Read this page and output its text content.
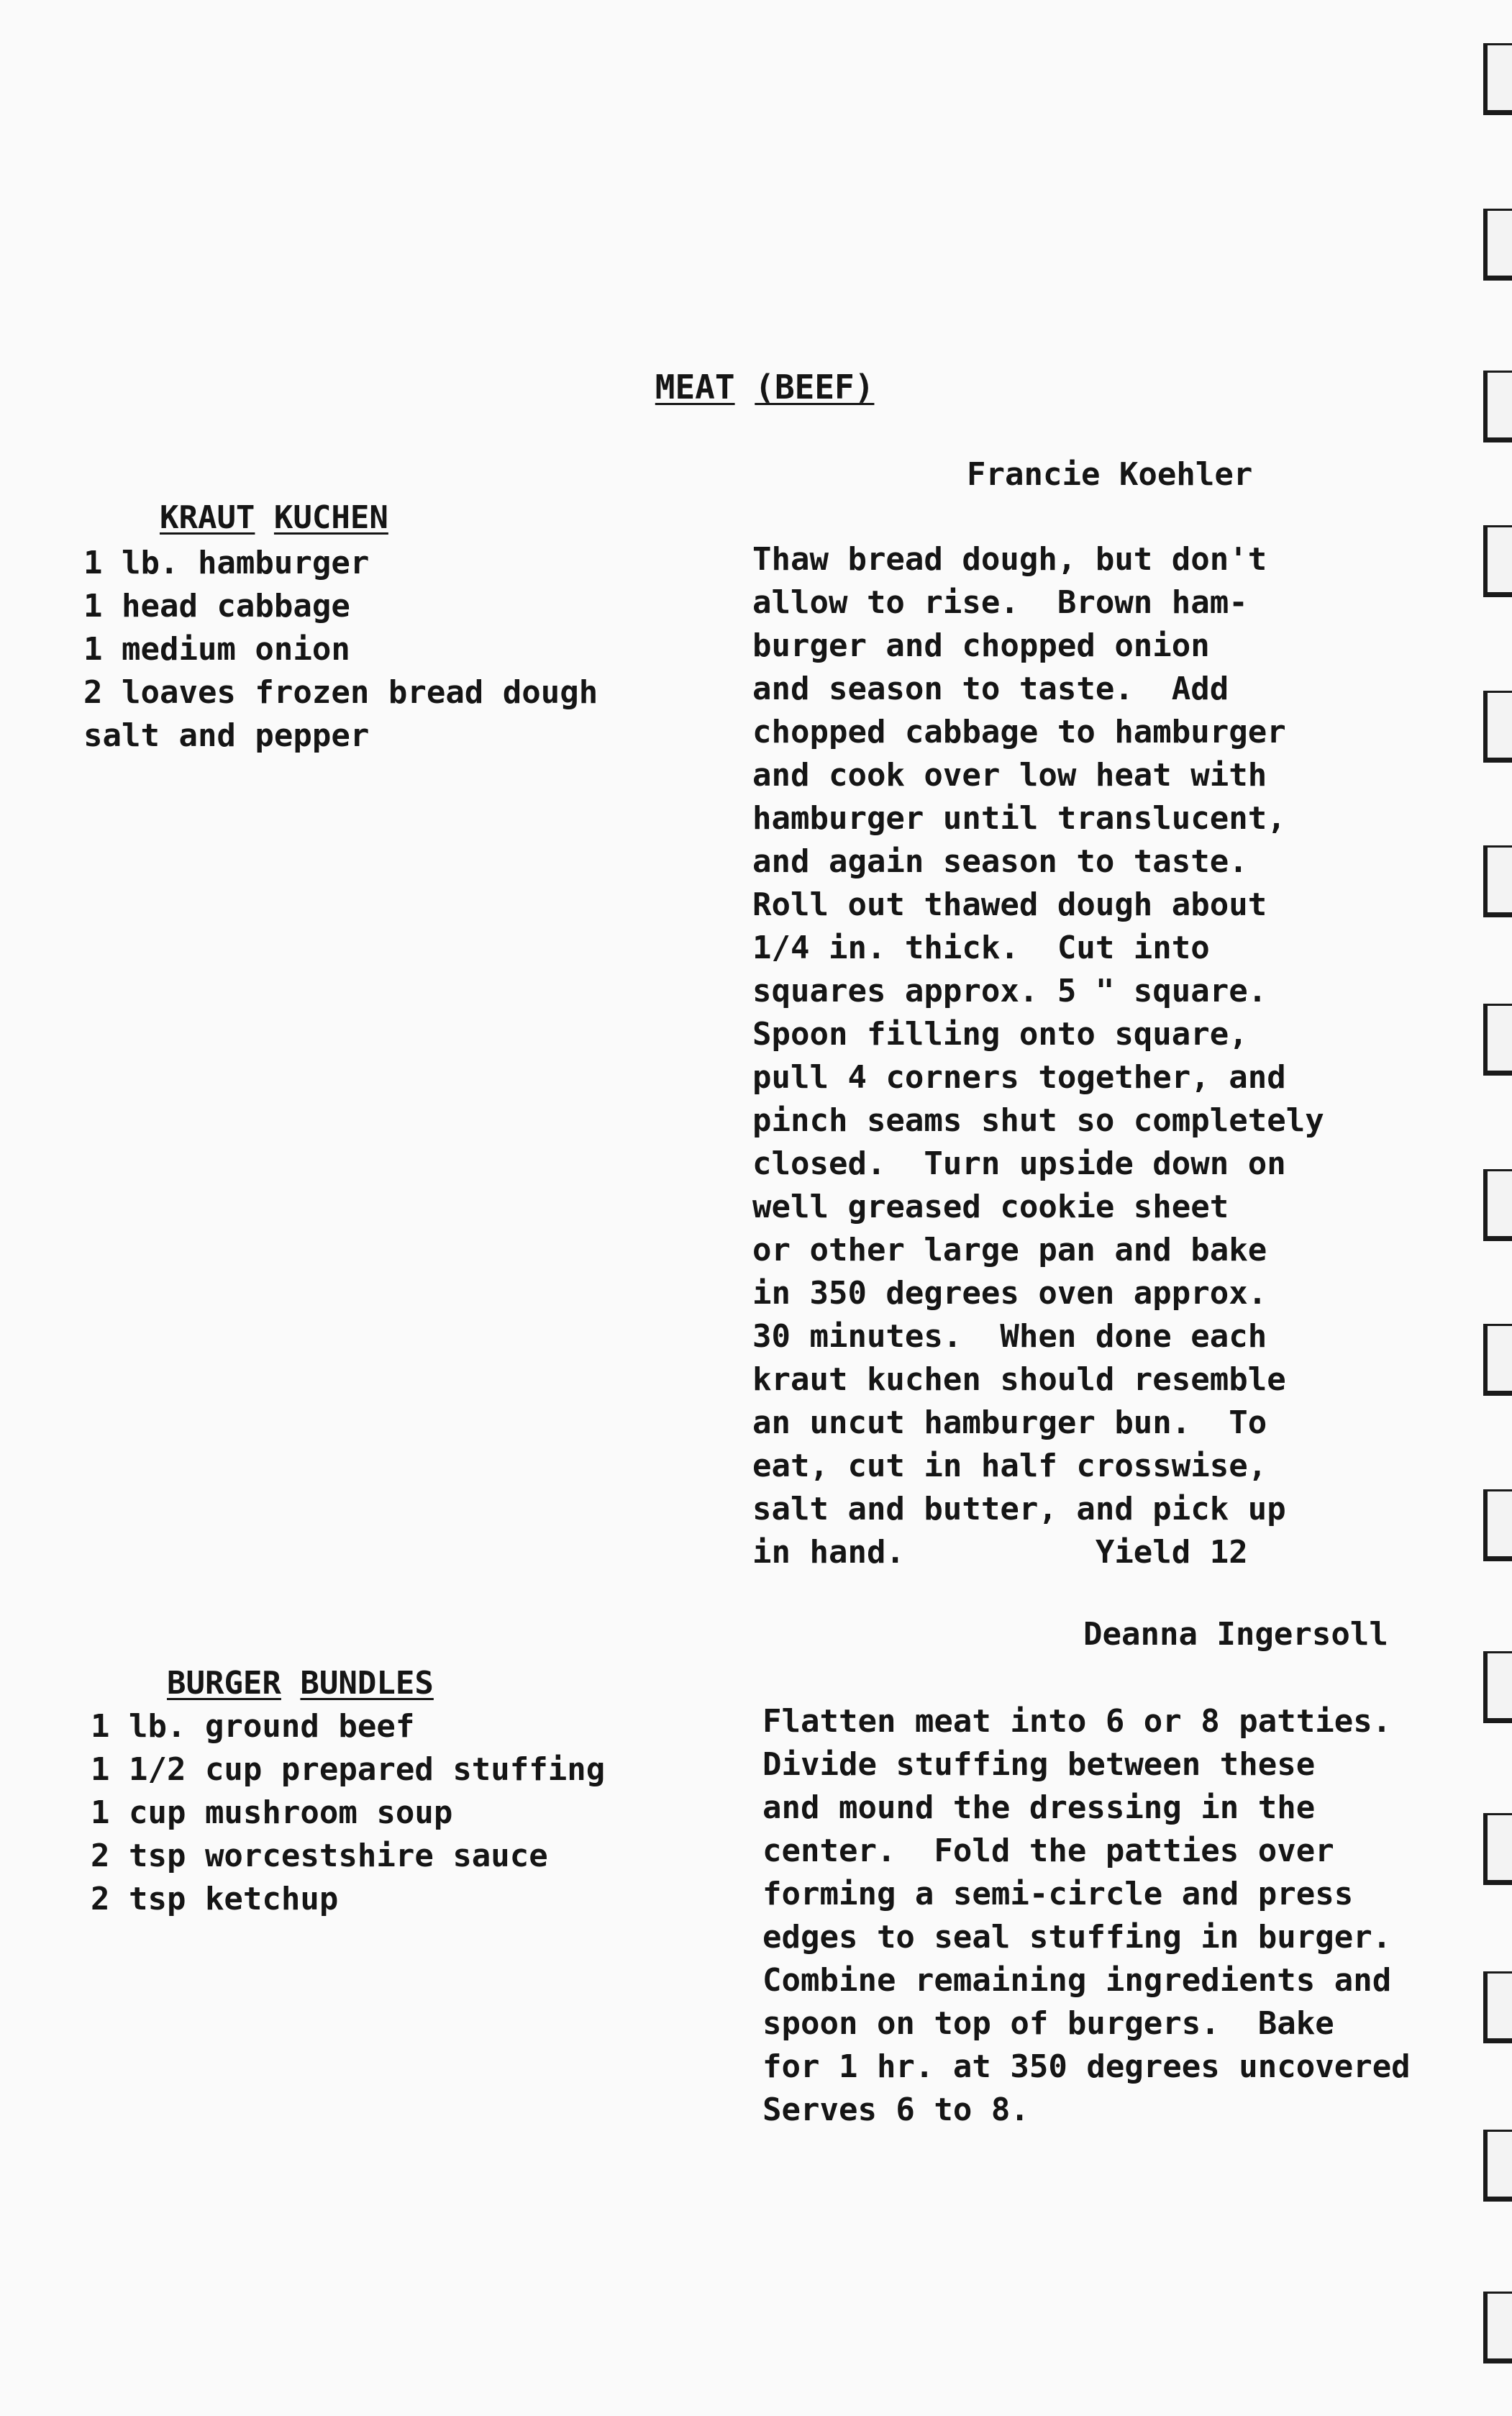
MEAT (BEEF)

KRAUT KUCHEN

Francie Koehler
1 lb. hamburger
1 head cabbage
1 medium onion
2 loaves frozen bread dough
salt and pepper
Thaw bread dough, but don't
allow to rise.  Brown ham-
burger and chopped onion
and season to taste.  Add
chopped cabbage to hamburger
and cook over low heat with
hamburger until translucent,
and again season to taste.
Roll out thawed dough about
1/4 in. thick.  Cut into
squares approx. 5 " square.
Spoon filling onto square,
pull 4 corners together, and
pinch seams shut so completely
closed.  Turn upside down on
well greased cookie sheet
or other large pan and bake
in 350 degrees oven approx.
30 minutes.  When done each
kraut kuchen should resemble
an uncut hamburger bun.  To
eat, cut in half crosswise,
salt and butter, and pick up
in hand.          Yield 12

BURGER BUNDLES

Deanna Ingersoll
1 lb. ground beef
1 1/2 cup prepared stuffing
1 cup mushroom soup
2 tsp worcestshire sauce
2 tsp ketchup
Flatten meat into 6 or 8 patties.
Divide stuffing between these
and mound the dressing in the
center.  Fold the patties over
forming a semi-circle and press
edges to seal stuffing in burger.
Combine remaining ingredients and
spoon on top of burgers.  Bake
for 1 hr. at 350 degrees uncovered
Serves 6 to 8.
